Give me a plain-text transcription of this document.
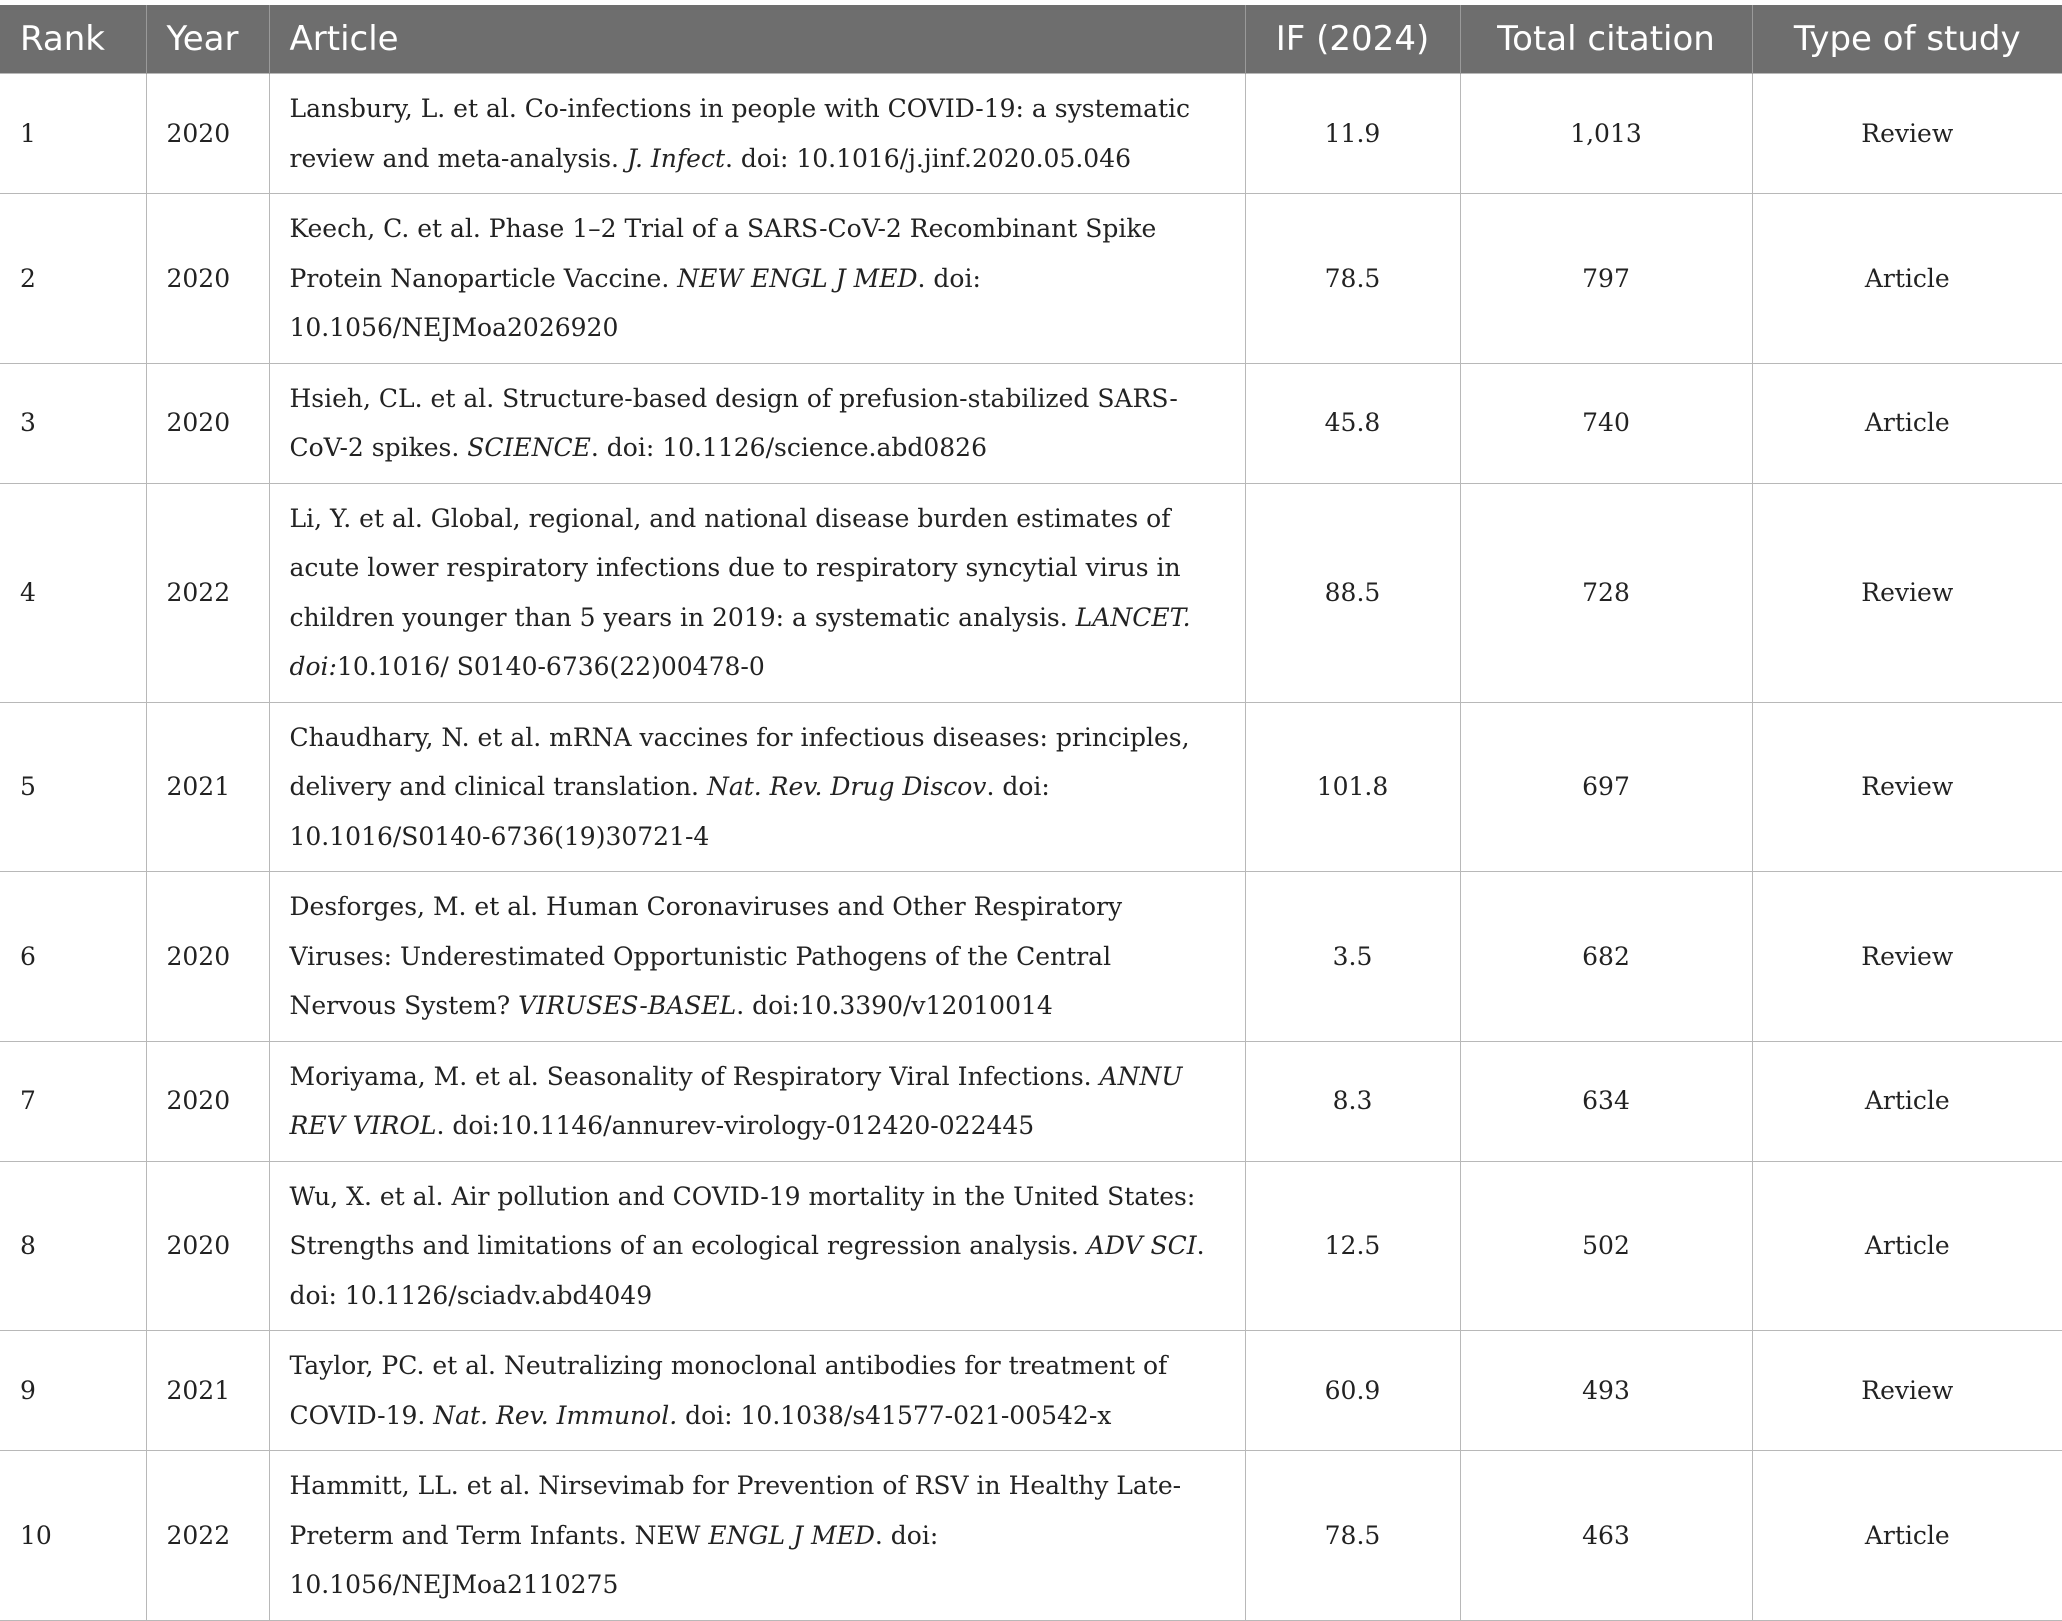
Rank	Year	Article	IF (2024)	Total citation	Type of study
1	2020	Lansbury, L. et al. Co-infections in people with COVID-19: a systematic review and meta-analysis. J. Infect. doi: 10.1016/j.jinf.2020.05.046	11.9	1,013	Review
2	2020	Keech, C. et al. Phase 1–2 Trial of a SARS-CoV-2 Recombinant Spike Protein Nanoparticle Vaccine. NEW ENGL J MED. doi: 10.1056/NEJMoa2026920	78.5	797	Article
3	2020	Hsieh, CL. et al. Structure-based design of prefusion-stabilized SARS-CoV-2 spikes. SCIENCE. doi: 10.1126/science.abd0826	45.8	740	Article
4	2022	Li, Y. et al. Global, regional, and national disease burden estimates of acute lower respiratory infections due to respiratory syncytial virus in children younger than 5 years in 2019: a systematic analysis. LANCET. doi:10.1016/ S0140-6736(22)00478-0	88.5	728	Review
5	2021	Chaudhary, N. et al. mRNA vaccines for infectious diseases: principles, delivery and clinical translation. Nat. Rev. Drug Discov. doi: 10.1016/S0140-6736(19)30721-4	101.8	697	Review
6	2020	Desforges, M. et al. Human Coronaviruses and Other Respiratory Viruses: Underestimated Opportunistic Pathogens of the Central Nervous System? VIRUSES-BASEL. doi:10.3390/v12010014	3.5	682	Review
7	2020	Moriyama, M. et al. Seasonality of Respiratory Viral Infections. ANNU REV VIROL. doi:10.1146/annurev-virology-012420-022445	8.3	634	Article
8	2020	Wu, X. et al. Air pollution and COVID-19 mortality in the United States: Strengths and limitations of an ecological regression analysis. ADV SCI. doi: 10.1126/sciadv.abd4049	12.5	502	Article
9	2021	Taylor, PC. et al. Neutralizing monoclonal antibodies for treatment of COVID-19. Nat. Rev. Immunol. doi: 10.1038/s41577-021-00542-x	60.9	493	Review
10	2022	Hammitt, LL. et al. Nirsevimab for Prevention of RSV in Healthy Late-Preterm and Term Infants. NEW ENGL J MED. doi: 10.1056/NEJMoa2110275	78.5	463	Article
